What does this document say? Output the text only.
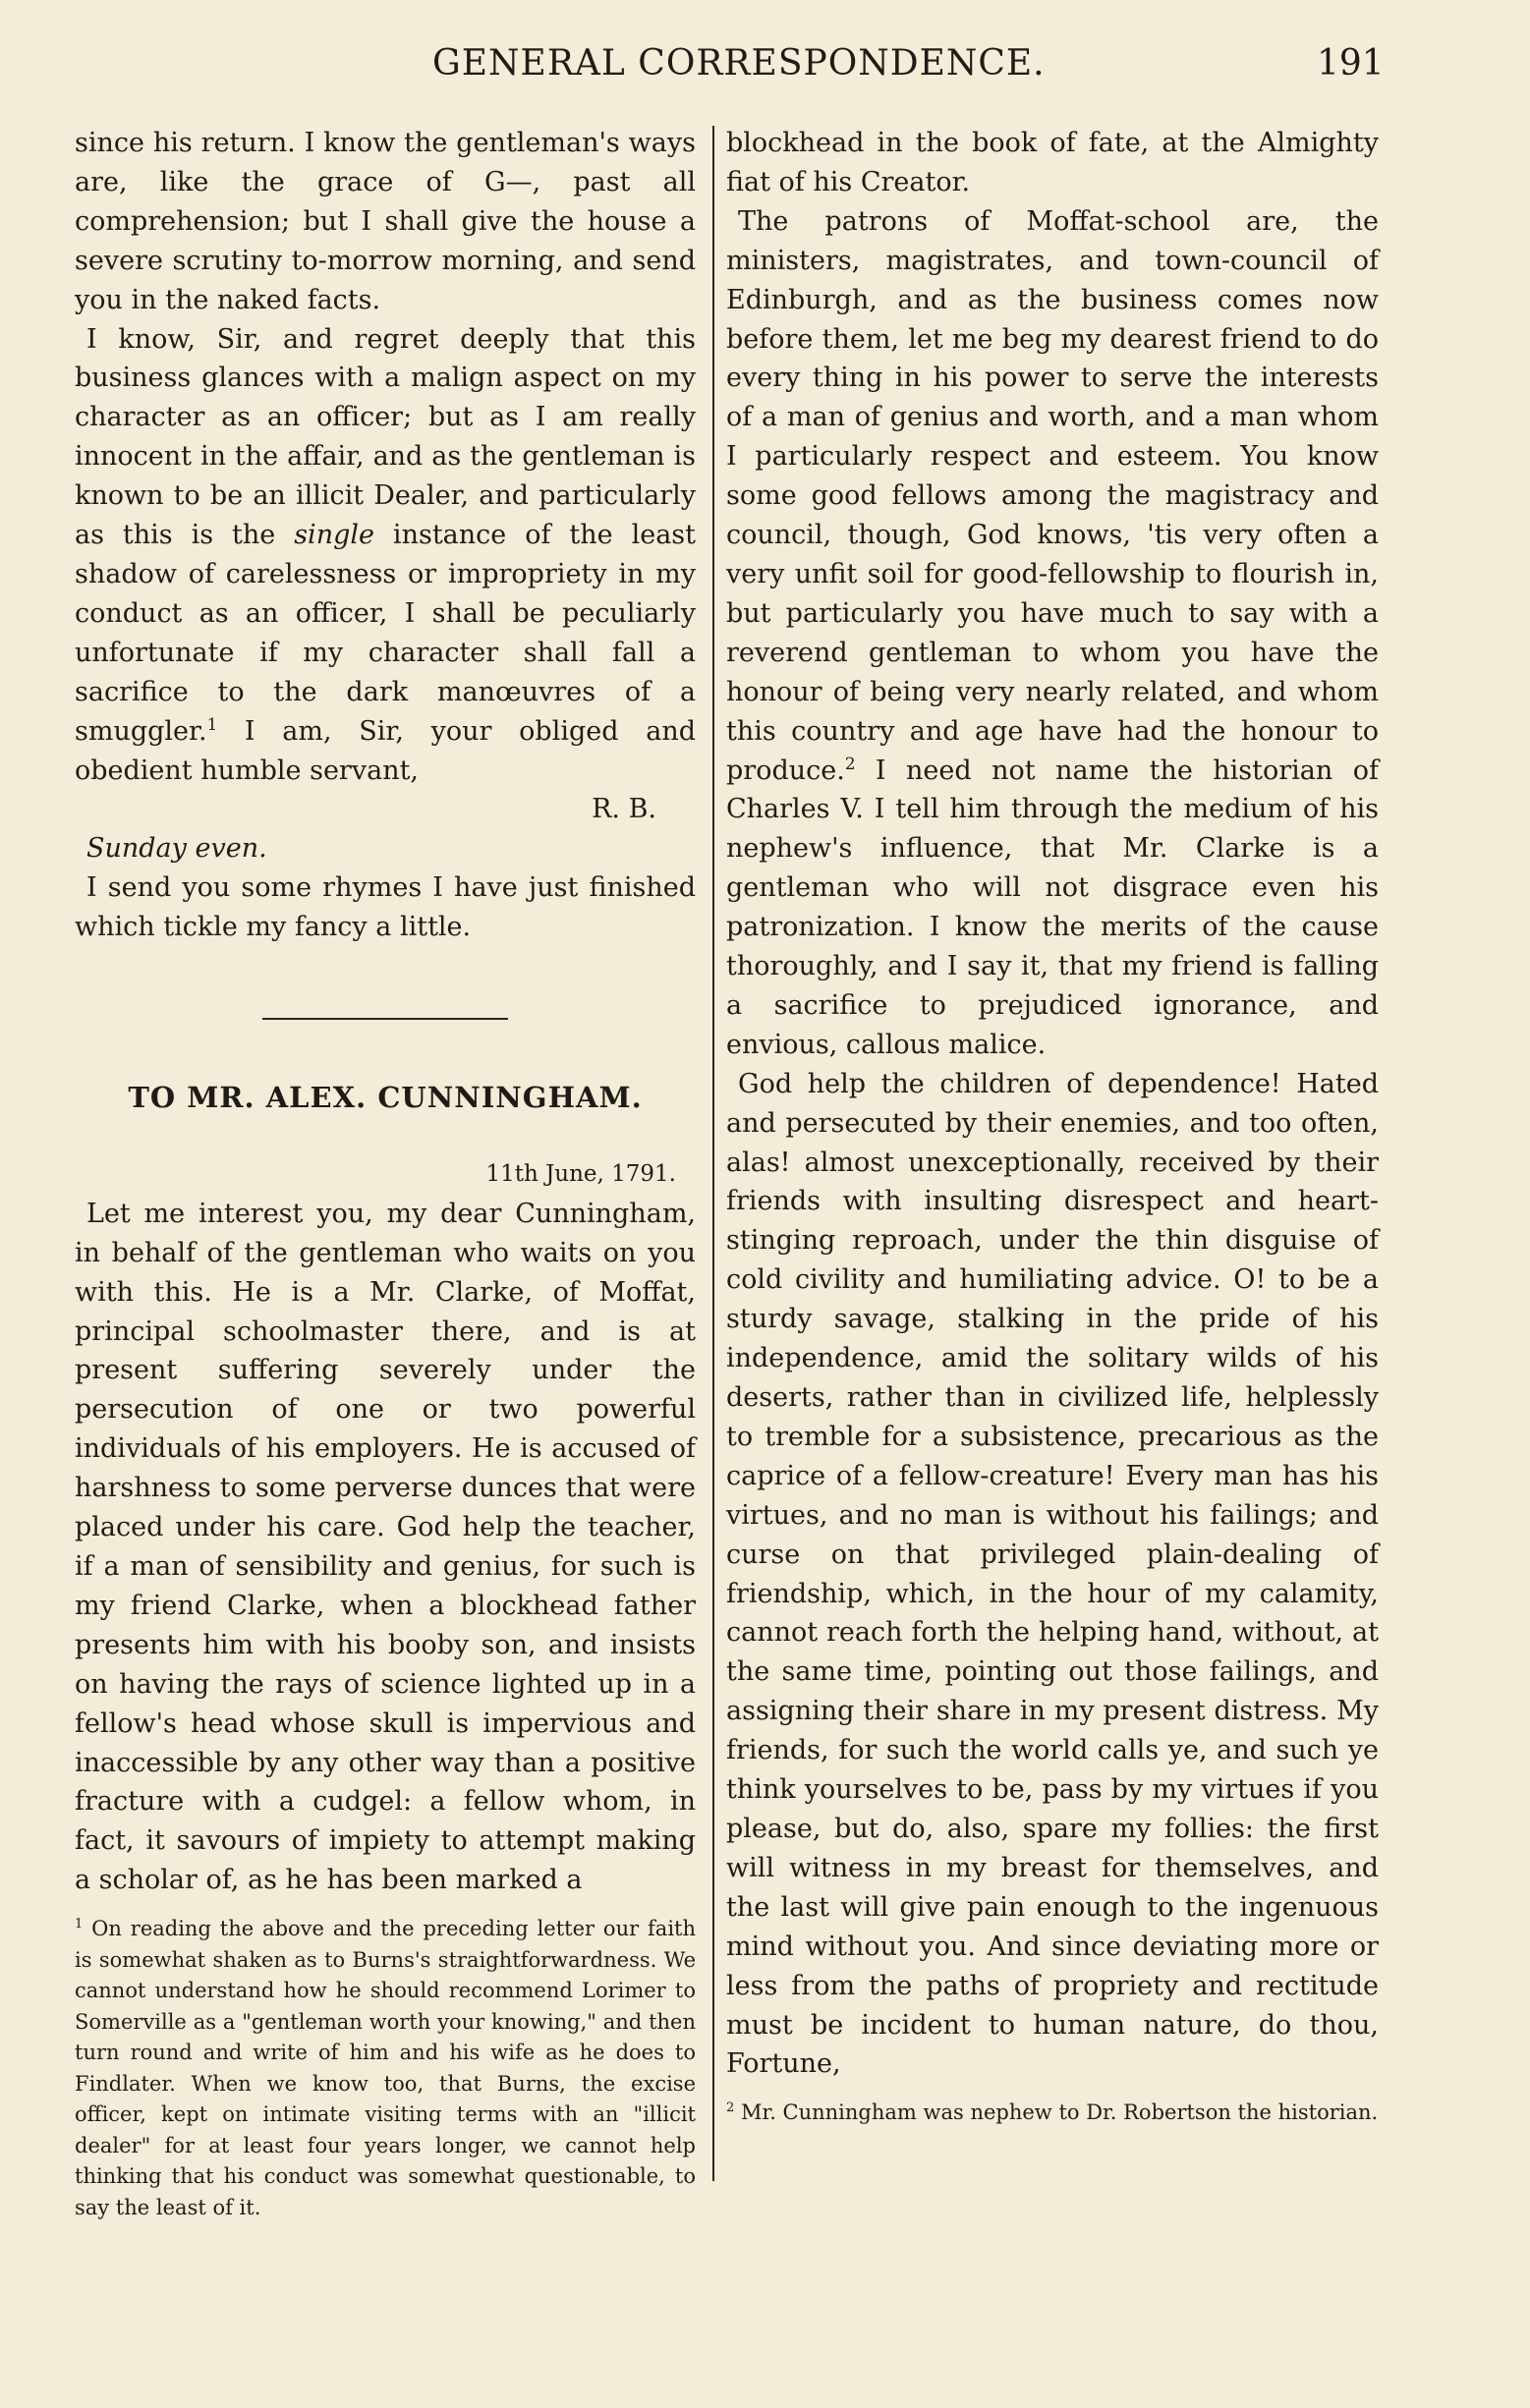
GENERAL CORRESPONDENCE.	191

since his return. I know the gentleman's ways are, like the grace of G—, past all comprehension; but I shall give the house a severe scrutiny to-morrow morning, and send you in the naked facts.

I know, Sir, and regret deeply that this business glances with a malign aspect on my character as an officer; but as I am really innocent in the affair, and as the gentleman is known to be an illicit Dealer, and particularly as this is the single instance of the least shadow of carelessness or impropriety in my conduct as an officer, I shall be peculiarly unfortunate if my character shall fall a sacrifice to the dark manœuvres of a smuggler.$^1$ I am, Sir, your obliged and obedient humble servant,

R. B.

Sunday even.

I send you some rhymes I have just finished which tickle my fancy a little.

TO MR. ALEX. CUNNINGHAM.

11th June, 1791.

Let me interest you, my dear Cunningham, in behalf of the gentleman who waits on you with this. He is a Mr. Clarke, of Moffat, principal schoolmaster there, and is at present suffering severely under the persecution of one or two powerful individuals of his employers. He is accused of harshness to some perverse dunces that were placed under his care. God help the teacher, if a man of sensibility and genius, for such is my friend Clarke, when a blockhead father presents him with his booby son, and insists on having the rays of science lighted up in a fellow's head whose skull is impervious and inaccessible by any other way than a positive fracture with a cudgel: a fellow whom, in fact, it savours of impiety to attempt making a scholar of, as he has been marked a

$^1$ On reading the above and the preceding letter our faith is somewhat shaken as to Burns's straightforwardness. We cannot understand how he should recommend Lorimer to Somerville as a "gentleman worth your knowing," and then turn round and write of him and his wife as he does to Findlater. When we know too, that Burns, the excise officer, kept on intimate visiting terms with an "illicit dealer" for at least four years longer, we cannot help thinking that his conduct was somewhat questionable, to say the least of it.

blockhead in the book of fate, at the Almighty fiat of his Creator.

The patrons of Moffat-school are, the ministers, magistrates, and town-council of Edinburgh, and as the business comes now before them, let me beg my dearest friend to do every thing in his power to serve the interests of a man of genius and worth, and a man whom I particularly respect and esteem. You know some good fellows among the magistracy and council, though, God knows, 'tis very often a very unfit soil for good-fellowship to flourish in, but particularly you have much to say with a reverend gentleman to whom you have the honour of being very nearly related, and whom this country and age have had the honour to produce.$^2$ I need not name the historian of Charles V. I tell him through the medium of his nephew's influence, that Mr. Clarke is a gentleman who will not disgrace even his patronization. I know the merits of the cause thoroughly, and I say it, that my friend is falling a sacrifice to prejudiced ignorance, and envious, callous malice.

God help the children of dependence! Hated and persecuted by their enemies, and too often, alas! almost unexceptionally, received by their friends with insulting disrespect and heart-stinging reproach, under the thin disguise of cold civility and humiliating advice. O! to be a sturdy savage, stalking in the pride of his independence, amid the solitary wilds of his deserts, rather than in civilized life, helplessly to tremble for a subsistence, precarious as the caprice of a fellow-creature! Every man has his virtues, and no man is without his failings; and curse on that privileged plain-dealing of friendship, which, in the hour of my calamity, cannot reach forth the helping hand, without, at the same time, pointing out those failings, and assigning their share in my present distress. My friends, for such the world calls ye, and such ye think yourselves to be, pass by my virtues if you please, but do, also, spare my follies: the first will witness in my breast for themselves, and the last will give pain enough to the ingenuous mind without you. And since deviating more or less from the paths of propriety and rectitude must be incident to human nature, do thou, Fortune,

$^2$ Mr. Cunningham was nephew to Dr. Robertson the historian.
